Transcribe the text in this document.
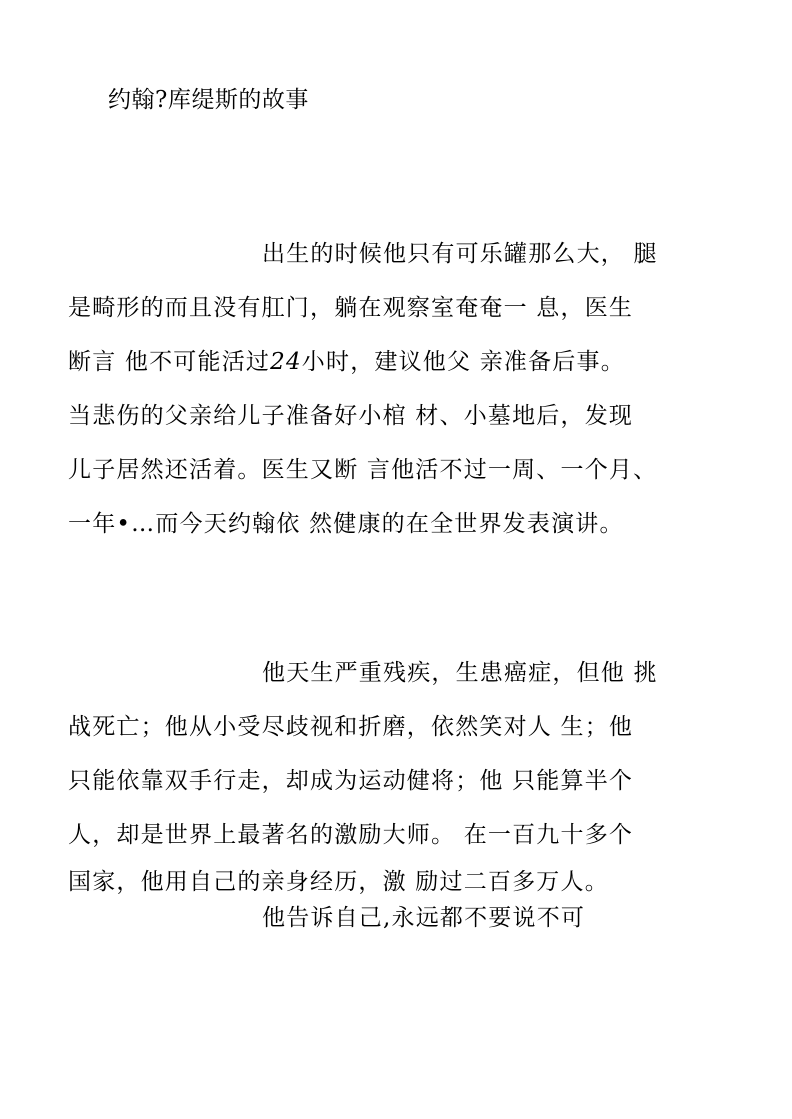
约翰?库缇斯的故事
出生的时候他只有可乐罐那么大， 腿
是畸形的而且没有肛门，躺在观察室奄奄一 息，医生
断言 他不可能活过24小时，建议他父 亲准备后事。
当悲伤的父亲给儿子准备好小棺 材、小墓地后，发现
儿子居然还活着。医生又断 言他活不过一周、一个月、
一年•…而今天约翰依 然健康的在全世界发表演讲。
他天生严重残疾，生患癌症，但他 挑
战死亡；他从小受尽歧视和折磨，依然笑对人 生；他
只能依靠双手行走，却成为运动健将；他 只能算半个
人，却是世界上最著名的激励大师。 在一百九十多个
国家，他用自己的亲身经历，激 励过二百多万人。
他告诉自己,永远都不要说不可
